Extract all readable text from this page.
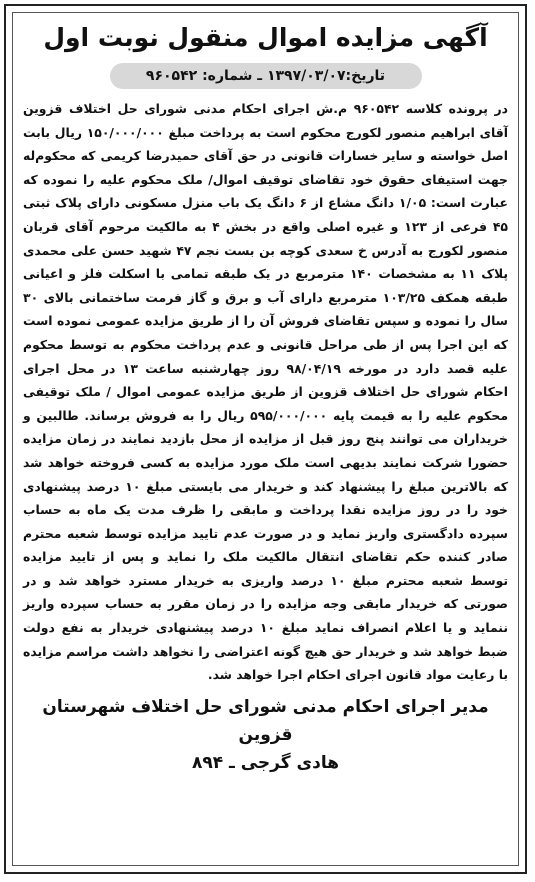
آگهی مزایده اموال منقول نوبت اول
تاریخ:۱۳۹۷/۰۳/۰۷ ـ شماره: ۹۶۰۵۴۲
در پرونده کلاسه ۹۶۰۵۴۲ م.ش اجرای احکام مدنی شورای حل اختلاف قزوین آقای ابراهیم منصور لکورج محکوم است به پرداخت مبلغ ۱۵۰/۰۰۰/۰۰۰ ریال بابت اصل خواسته و سایر خسارات قانونی در حق آقای حمیدرضا کریمی که محکوم‌له جهت استیفای حقوق خود تقاضای توقیف اموال/ ملک محکوم علیه را نموده که عبارت است: ۱/۰۵ دانگ مشاع از ۶ دانگ یک باب منزل مسکونی دارای پلاک ثبتی ۴۵ فرعی از ۱۲۳ و غیره اصلی واقع در بخش ۴ به مالکیت مرحوم آقای قربان منصور لکورج به آدرس خ سعدی کوچه بن بست نجم ۴۷ شهید حسن علی محمدی پلاک ۱۱ به مشخصات ۱۴۰ مترمربع در یک طبقه تمامی با اسکلت فلز و اعیانی طبقه همکف ۱۰۳/۲۵ مترمربع دارای آب و برق و گاز فرمت ساختمانی بالای ۳۰ سال را نموده و سپس تقاضای فروش آن را از طریق مزایده عمومی نموده است که این اجرا پس از طی مراحل قانونی و عدم پرداخت محکوم به توسط محکوم علیه قصد دارد در مورخه ۹۸/۰۴/۱۹ روز چهارشنبه ساعت ۱۳ در محل اجرای احکام شورای حل اختلاف قزوین از طریق مزایده عمومی اموال / ملک توقیفی محکوم علیه را به قیمت پایه ۵۹۵/۰۰۰/۰۰۰ ریال را به فروش برساند. طالبین و خریداران می توانند پنج روز قبل از مزایده از محل بازدید نمایند در زمان مزایده حضورا شرکت نمایند بدیهی است ملک مورد مزایده به کسی فروخته خواهد شد که بالاترین مبلغ را پیشنهاد کند و خریدار می بایستی مبلغ ۱۰ درصد پیشنهادی خود را در روز مزایده نقدا پرداخت و مابقی را ظرف مدت یک ماه به حساب سپرده دادگستری واریز نماید و در صورت عدم تایید مزایده توسط شعبه محترم صادر کننده حکم تقاضای انتقال مالکیت ملک را نماید و پس از تایید مزایده توسط شعبه محترم مبلغ ۱۰ درصد واریزی به خریدار مسترد خواهد شد و در صورتی که خریدار مابقی وجه مزایده را در زمان مقرر به حساب سپرده واریز ننماید و یا اعلام انصراف نماید مبلغ ۱۰ درصد پیشنهادی خریدار به نفع دولت ضبط خواهد شد و خریدار حق هیچ گونه اعتراضی را نخواهد داشت مراسم مزایده با رعایت مواد قانون اجرای احکام اجرا خواهد شد.
مدیر اجرای احکام مدنی شورای حل اختلاف شهرستان قزوین
هادی گرجی ـ ۸۹۴
